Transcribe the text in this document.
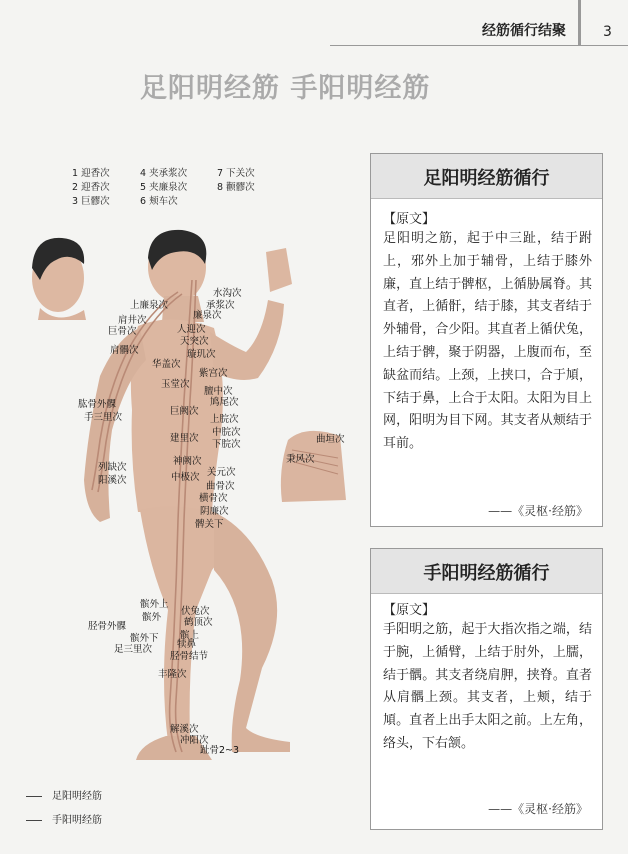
经筋循行结聚	3
足阳明经筋 手阳明经筋
1 迎香次
2 迎香次
3 巨髎次
4 夹承浆次
5 夹廉泉次
6 颊车次
7 下关次
8 颧髎次
水沟次
承浆次
上廉泉次
廉泉次
肩井次
巨骨次	人迎次
天突次
肩髃次	璇玑次
华盖次
紫宫次
玉堂次
膻中次
鸠尾次
巨阙次
上脘次
中脘次
下脘次
肱骨外髁
手三里次
建里次
神阙次
关元次
中极次
曲骨次
横骨次
阴廉次
列缺次
阳溪次
髀关下
伏兔次
髌外上
髌外 鹤顶次
胫骨外髁
髌外下 髌上
犊鼻
足三里次
胫骨结节
丰隆次
解溪次
冲阳次
趾骨2~3
曲垣次
秉风次
足阳明经筋循行
【原文】
足阳明之筋，起于中三趾，结于跗上，邪外上加于辅骨，上结于膝外廉，直上结于髀枢，上循胁属脊。其直者，上循骭，结于膝，其支者结于外辅骨，合少阳。其直者上循伏兔，上结于髀，聚于阴器，上腹而布，至缺盆而结。上颈，上挟口，合于頄，下结于鼻，上合于太阳。太阳为目上网，阳明为目下网。其支者从颊结于耳前。
——《灵枢·经筋》
手阳明经筋循行
【原文】
手阳明之筋，起于大指次指之端，结于腕，上循臂，上结于肘外，上臑，结于髃。其支者绕肩胛，挟脊。直者从肩髃上颈。其支者，上颊，结于頄。直者上出手太阳之前。上左角，络头，下右颔。
——《灵枢·经筋》
足阳明经筋
手阳明经筋
